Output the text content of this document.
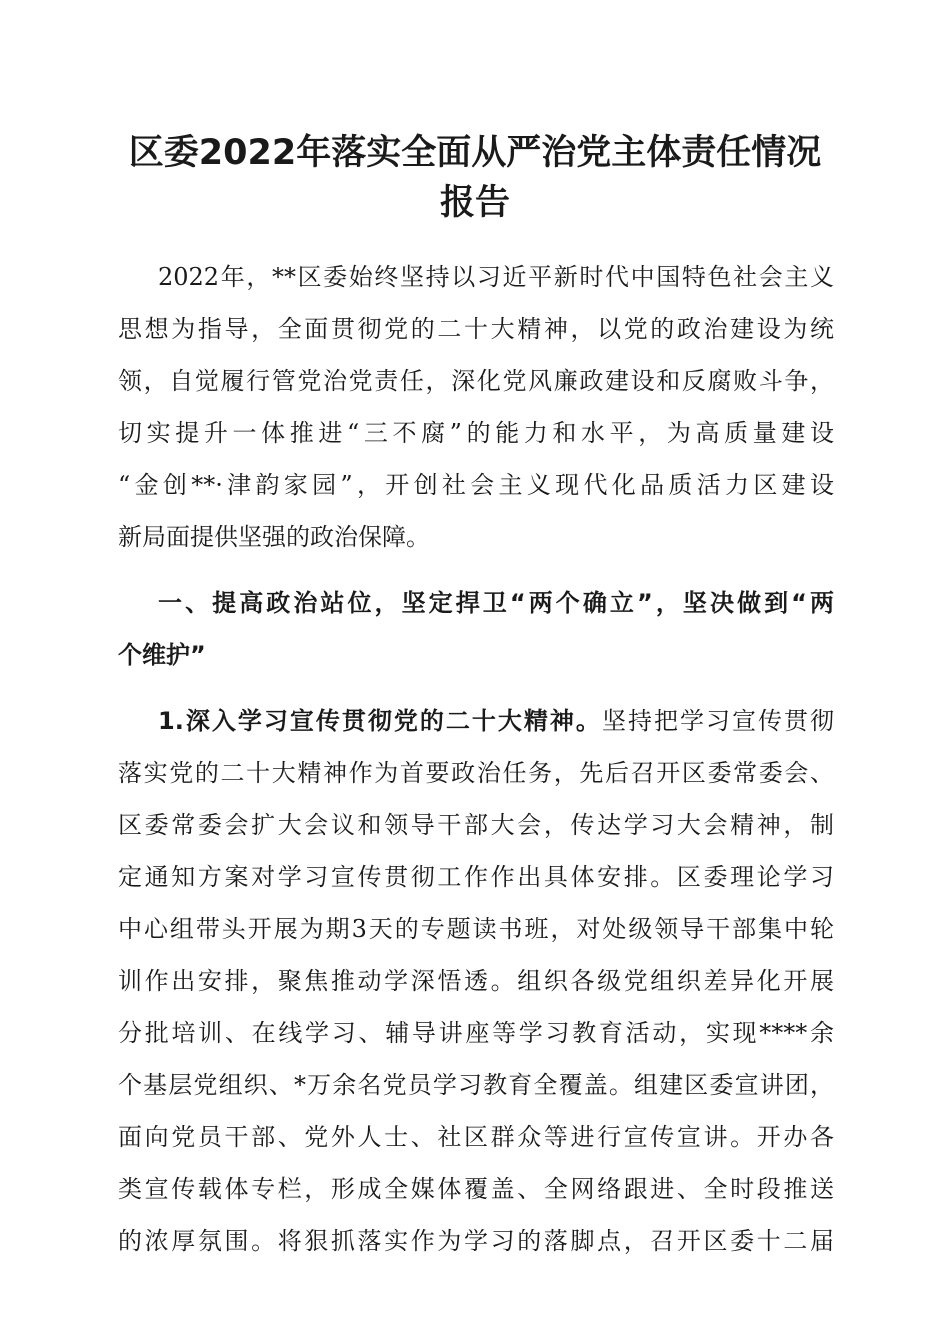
区委2022年落实全面从严治党主体责任情况
报告
2022年，**区委始终坚持以习近平新时代中国特色社会主义
思想为指导，全面贯彻党的二十大精神，以党的政治建设为统
领，自觉履行管党治党责任，深化党风廉政建设和反腐败斗争，
切实提升一体推进“三不腐”的能力和水平，为高质量建设
“金创**·津韵家园”，开创社会主义现代化品质活力区建设
新局面提供坚强的政治保障。
一、提高政治站位，坚定捍卫“两个确立”，坚决做到“两
个维护”
1.深入学习宣传贯彻党的二十大精神。坚持把学习宣传贯彻
落实党的二十大精神作为首要政治任务，先后召开区委常委会、
区委常委会扩大会议和领导干部大会，传达学习大会精神，制
定通知方案对学习宣传贯彻工作作出具体安排。区委理论学习
中心组带头开展为期3天的专题读书班，对处级领导干部集中轮
训作出安排，聚焦推动学深悟透。组织各级党组织差异化开展
分批培训、在线学习、辅导讲座等学习教育活动，实现****余
个基层党组织、*万余名党员学习教育全覆盖。组建区委宣讲团，
面向党员干部、党外人士、社区群众等进行宣传宣讲。开办各
类宣传载体专栏，形成全媒体覆盖、全网络跟进、全时段推送
的浓厚氛围。将狠抓落实作为学习的落脚点，召开区委十二届
